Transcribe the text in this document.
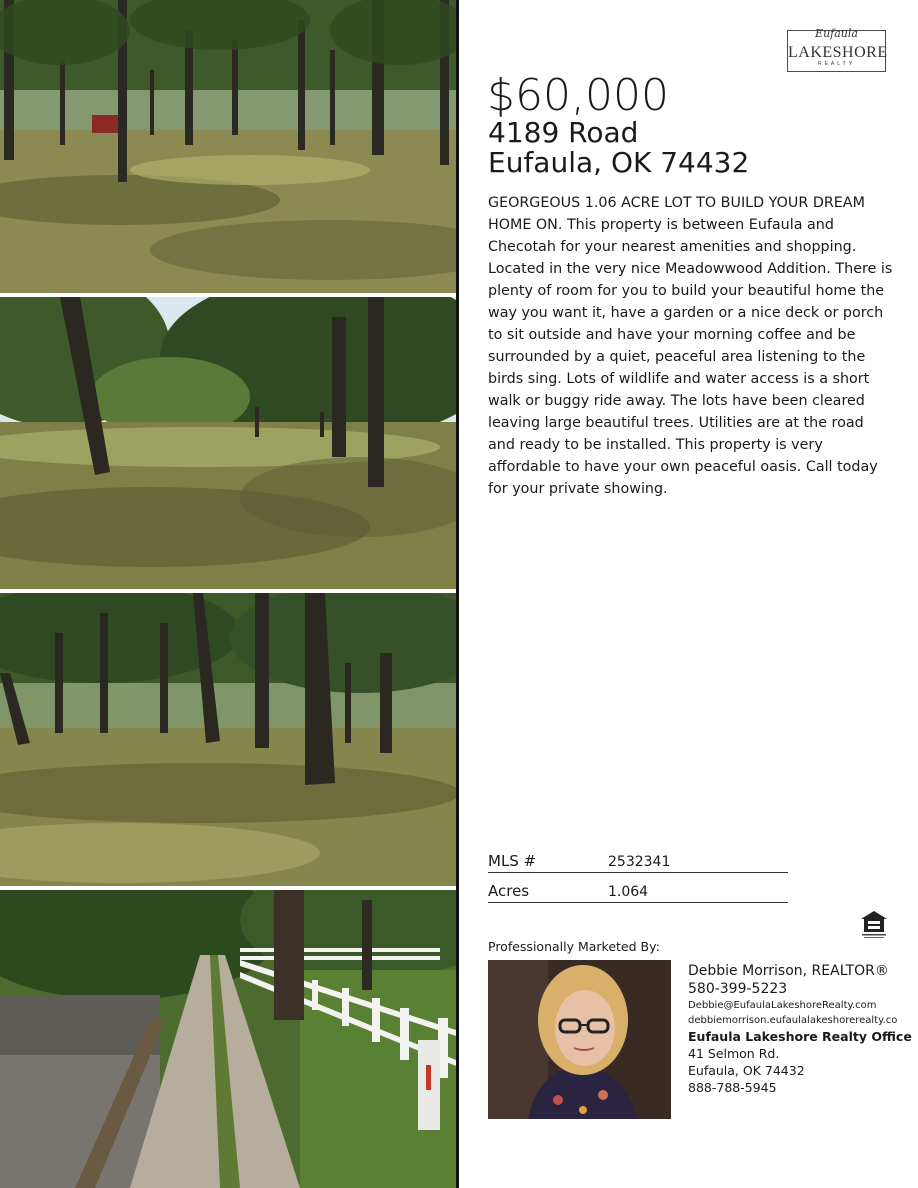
Eufaula
LAKESHORE
REALTY
$60,000
4189 Road
Eufaula, OK 74432
GEORGEOUS 1.06 ACRE LOT TO BUILD YOUR DREAM HOME ON. This property is between Eufaula and Checotah for your nearest amenities and shopping. Located in the very nice Meadowwood Addition. There is plenty of room for you to build your beautiful home the way you want it, have a garden or a nice deck or porch to sit outside and have your morning coffee and be surrounded by a quiet, peaceful area listening to the birds sing. Lots of wildlife and water access is a short walk or buggy ride away. The lots have been cleared leaving large beautiful trees. Utilities are at the road and ready to be installed. This property is very affordable to have your own peaceful oasis. Call today for your private showing.
MLS #	2532341
Acres	1.064
Professionally Marketed By:
Debbie Morrison, REALTOR®
580-399-5223
Debbie@EufaulaLakeshoreRealty.com
debbiemorrison.eufaulalakeshorerealty.co
Eufaula Lakeshore Realty Office
41 Selmon Rd.
Eufaula, OK 74432
888-788-5945
